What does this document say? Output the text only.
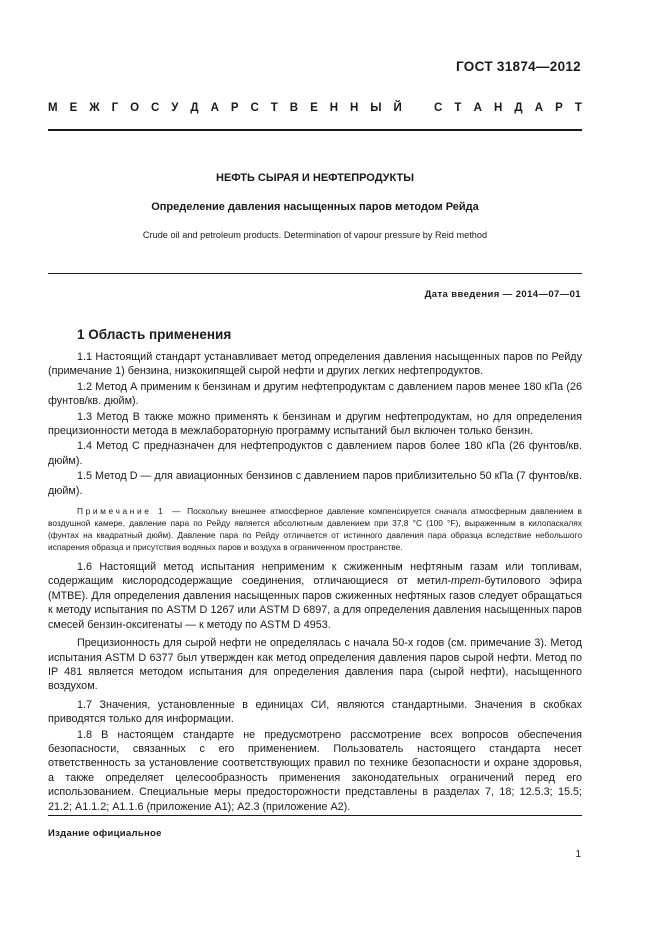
ГОСТ 31874—2012
М Е Ж Г О С У Д А Р С Т В Е Н Н Ы Й	С Т А Н Д А Р Т
НЕФТЬ СЫРАЯ И НЕФТЕПРОДУКТЫ
Определение давления насыщенных паров методом Рейда
Crude oil and petroleum products. Determination of vapour pressure by Reid method
Дата введения — 2014—07—01
1 Область применения

1.1 Настоящий стандарт устанавливает метод определения давления насыщенных паров по Рейду (примечание 1) бензина, низкокипящей сырой нефти и других легких нефтепродуктов.

1.2 Метод А применим к бензинам и другим нефтепродуктам с давлением паров менее 180 кПа (26 фунтов/кв. дюйм).

1.3 Метод В также можно применять к бензинам и другим нефтепродуктам, но для определения прецизионности метода в межлабораторную программу испытаний был включен только бензин.

1.4 Метод С предназначен для нефтепродуктов с давлением паров более 180 кПа (26 фунтов/кв. дюйм).

1.5 Метод D — для авиационных бензинов с давлением паров приблизительно 50 кПа (7 фунтов/кв. дюйм).

Примечание 1 — Поскольку внешнее атмосферное давление компенсируется сначала атмосферным давлением в воздушной камере, давление пара по Рейду является абсолютным давлением при 37,8 °С (100 °F), выраженным в килопаскалях (фунтах на квадратный дюйм). Давление пара по Рейду отличается от истинного давления пара образца вследствие небольшого испарения образца и присутствия водяных паров и воздуха в ограниченном пространстве.

1.6 Настоящий метод испытания неприменим к сжиженным нефтяным газам или топливам, содержащим кислородсодержащие соединения, отличающиеся от метил-трет-бутилового эфира (МТВЕ). Для определения давления насыщенных паров сжиженных нефтяных газов следует обращаться к методу испытания по ASTM D 1267 или ASTM D 6897, а для определения давления насыщенных паров смесей бензин-оксигенаты — к методу по ASTM D 4953.

Прецизионность для сырой нефти не определялась с начала 50-х годов (см. примечание 3). Метод испытания ASTM D 6377 был утвержден как метод определения давления паров сырой нефти. Метод по IP 481 является методом испытания для определения давления пара (сырой нефти), насыщенного воздухом.

1.7 Значения, установленные в единицах СИ, являются стандартными. Значения в скобках приводятся только для информации.

1.8 В настоящем стандарте не предусмотрено рассмотрение всех вопросов обеспечения безопасности, связанных с его применением. Пользователь настоящего стандарта несет ответственность за установление соответствующих правил по технике безопасности и охране здоровья, а также определяет целесообразность применения законодательных ограничений перед его использованием. Специальные меры предосторожности представлены в разделах 7, 18; 12.5.3; 15.5; 21.2; А1.1.2; А1.1.6 (приложение А1); А2.3 (приложение А2).

Издание официальное
1
